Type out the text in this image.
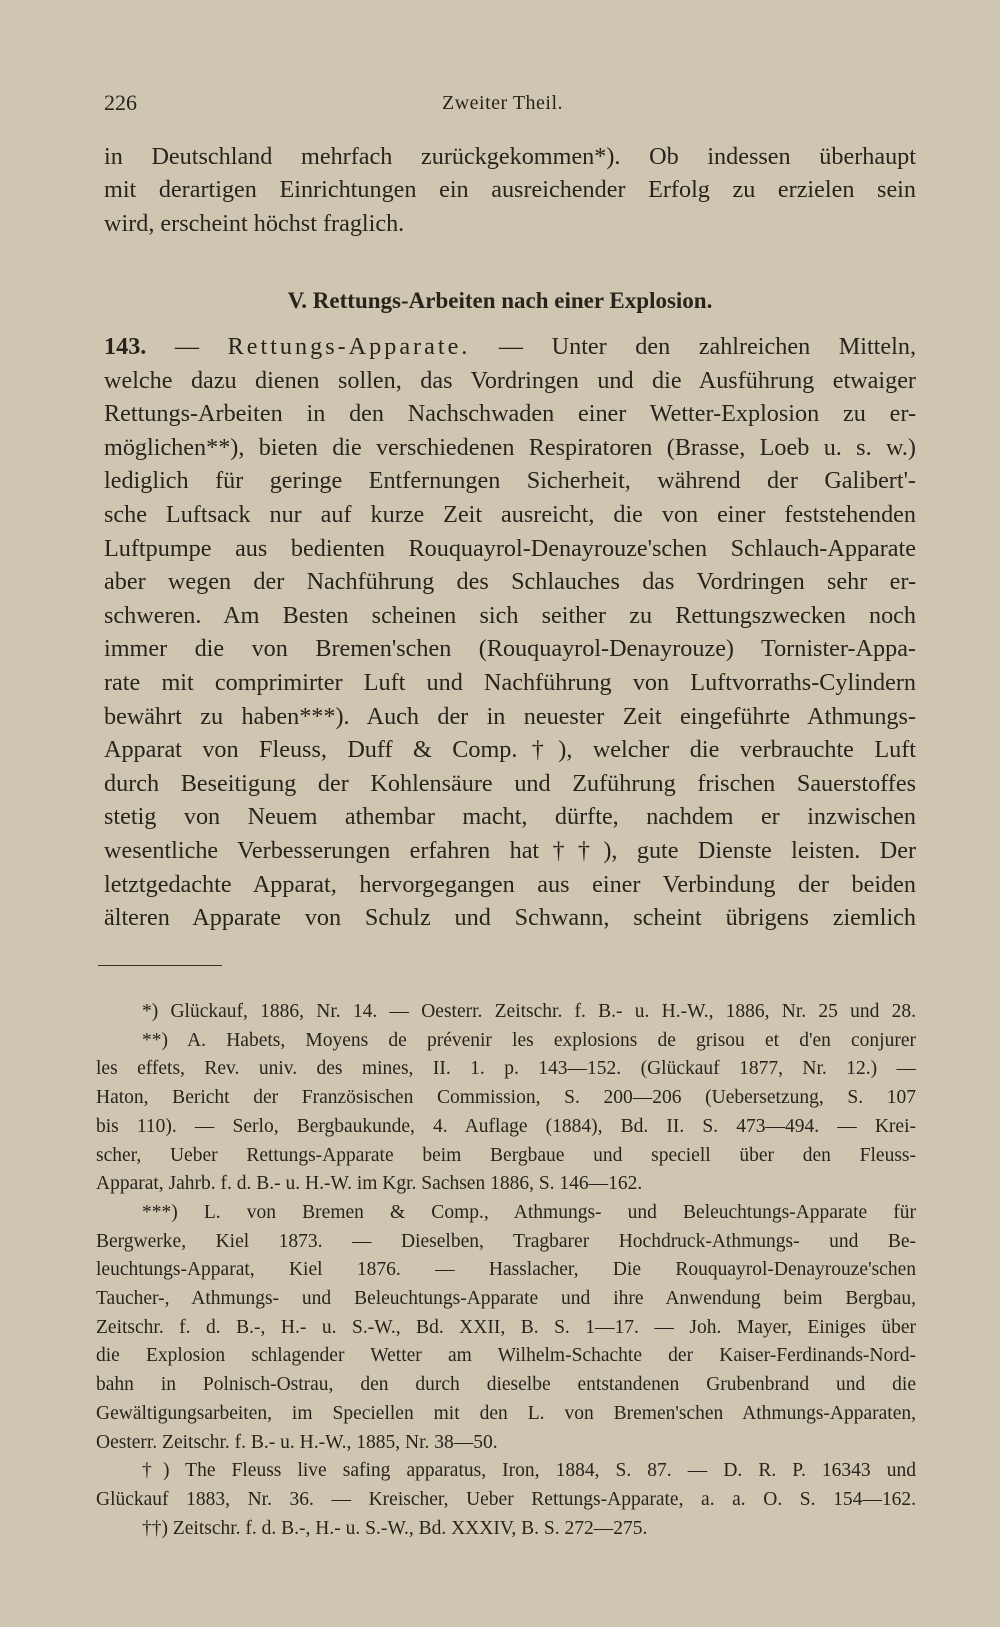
226	Zweiter Theil.
in Deutschland mehrfach zurückgekommen*). Ob indessen überhaupt
mit derartigen Einrichtungen ein ausreichender Erfolg zu erzielen sein
wird, erscheint höchst fraglich.
V. Rettungs-Arbeiten nach einer Explosion.
143. — Rettungs-Apparate. — Unter den zahlreichen Mitteln,
welche dazu dienen sollen, das Vordringen und die Ausführung etwaiger
Rettungs-Arbeiten in den Nachschwaden einer Wetter-Explosion zu er-
möglichen**), bieten die verschiedenen Respiratoren (Brasse, Loeb u. s. w.)
lediglich für geringe Entfernungen Sicherheit, während der Galibert'-
sche Luftsack nur auf kurze Zeit ausreicht, die von einer feststehenden
Luftpumpe aus bedienten Rouquayrol-Denayrouze'schen Schlauch-Apparate
aber wegen der Nachführung des Schlauches das Vordringen sehr er-
schweren. Am Besten scheinen sich seither zu Rettungszwecken noch
immer die von Bremen'schen (Rouquayrol-Denayrouze) Tornister-Appa-
rate mit comprimirter Luft und Nachführung von Luftvorraths-Cylindern
bewährt zu haben***). Auch der in neuester Zeit eingeführte Athmungs-
Apparat von Fleuss, Duff & Comp.†), welcher die verbrauchte Luft
durch Beseitigung der Kohlensäure und Zuführung frischen Sauerstoffes
stetig von Neuem athembar macht, dürfte, nachdem er inzwischen
wesentliche Verbesserungen erfahren hat††), gute Dienste leisten. Der
letztgedachte Apparat, hervorgegangen aus einer Verbindung der beiden
älteren Apparate von Schulz und Schwann, scheint übrigens ziemlich
*) Glückauf, 1886, Nr. 14. — Oesterr. Zeitschr. f. B.- u. H.-W., 1886, Nr. 25 und 28.
**) A. Habets, Moyens de prévenir les explosions de grisou et d'en conjurer
les effets, Rev. univ. des mines, II. 1. p. 143—152. (Glückauf 1877, Nr. 12.) —
Haton, Bericht der Französischen Commission, S. 200—206 (Uebersetzung, S. 107
bis 110). — Serlo, Bergbaukunde, 4. Auflage (1884), Bd. II. S. 473—494. — Krei-
scher, Ueber Rettungs-Apparate beim Bergbaue und speciell über den Fleuss-
Apparat, Jahrb. f. d. B.- u. H.-W. im Kgr. Sachsen 1886, S. 146—162.
***) L. von Bremen & Comp., Athmungs- und Beleuchtungs-Apparate für
Bergwerke, Kiel 1873. — Dieselben, Tragbarer Hochdruck-Athmungs- und Be-
leuchtungs-Apparat, Kiel 1876. — Hasslacher, Die Rouquayrol-Denayrouze'schen
Taucher-, Athmungs- und Beleuchtungs-Apparate und ihre Anwendung beim Bergbau,
Zeitschr. f. d. B.-, H.- u. S.-W., Bd. XXII, B. S. 1—17. — Joh. Mayer, Einiges über
die Explosion schlagender Wetter am Wilhelm-Schachte der Kaiser-Ferdinands-Nord-
bahn in Polnisch-Ostrau, den durch dieselbe entstandenen Grubenbrand und die
Gewältigungsarbeiten, im Speciellen mit den L. von Bremen'schen Athmungs-Apparaten,
Oesterr. Zeitschr. f. B.- u. H.-W., 1885, Nr. 38—50.
†) The Fleuss live safing apparatus, Iron, 1884, S. 87. — D. R. P. 16343 und
Glückauf 1883, Nr. 36. — Kreischer, Ueber Rettungs-Apparate, a. a. O. S. 154—162.
††) Zeitschr. f. d. B.-, H.- u. S.-W., Bd. XXXIV, B. S. 272—275.
